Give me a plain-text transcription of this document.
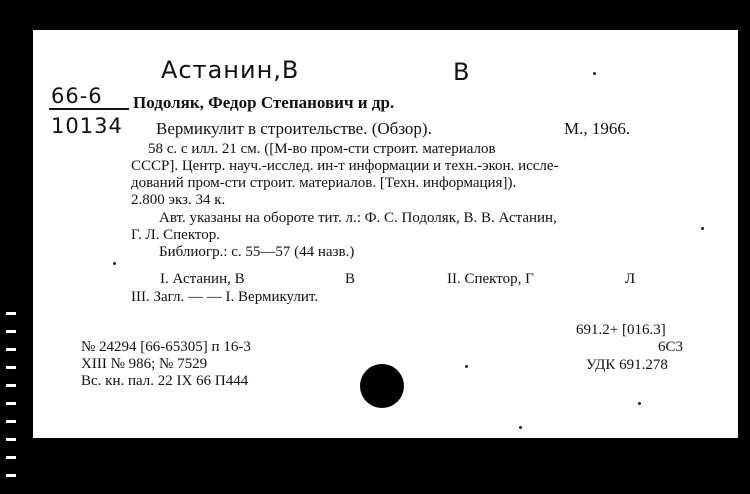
Астанин,В	В
66-6
10134
Подоляк, Федор Степанович и др.
Вермикулит в строительстве. (Обзор).	М., 1966.
58 с. с илл. 21 см. ([М-во пром-сти строит. материалов
СССР]. Центр. науч.-исслед. ин-т информации и техн.-экон. иссле-
дований пром-сти строит. материалов. [Техн. информация]).
2.800 экз. 34 к.
Авт. указаны на обороте тит. л.: Ф. С. Подоляк, В. В. Астанин,
Г. Л. Спектор.
Библиогр.: с. 55—57 (44 назв.)
I. Астанин, В	В	II. Спектор, Г	Л
III. Загл. — — I. Вермикулит.
№ 24294 [66-65305] п 16-3
XIII № 986; № 7529
Вс. кн. пал. 22 IX 66 П444
691.2+ [016.3]
6С3
УДК 691.278
